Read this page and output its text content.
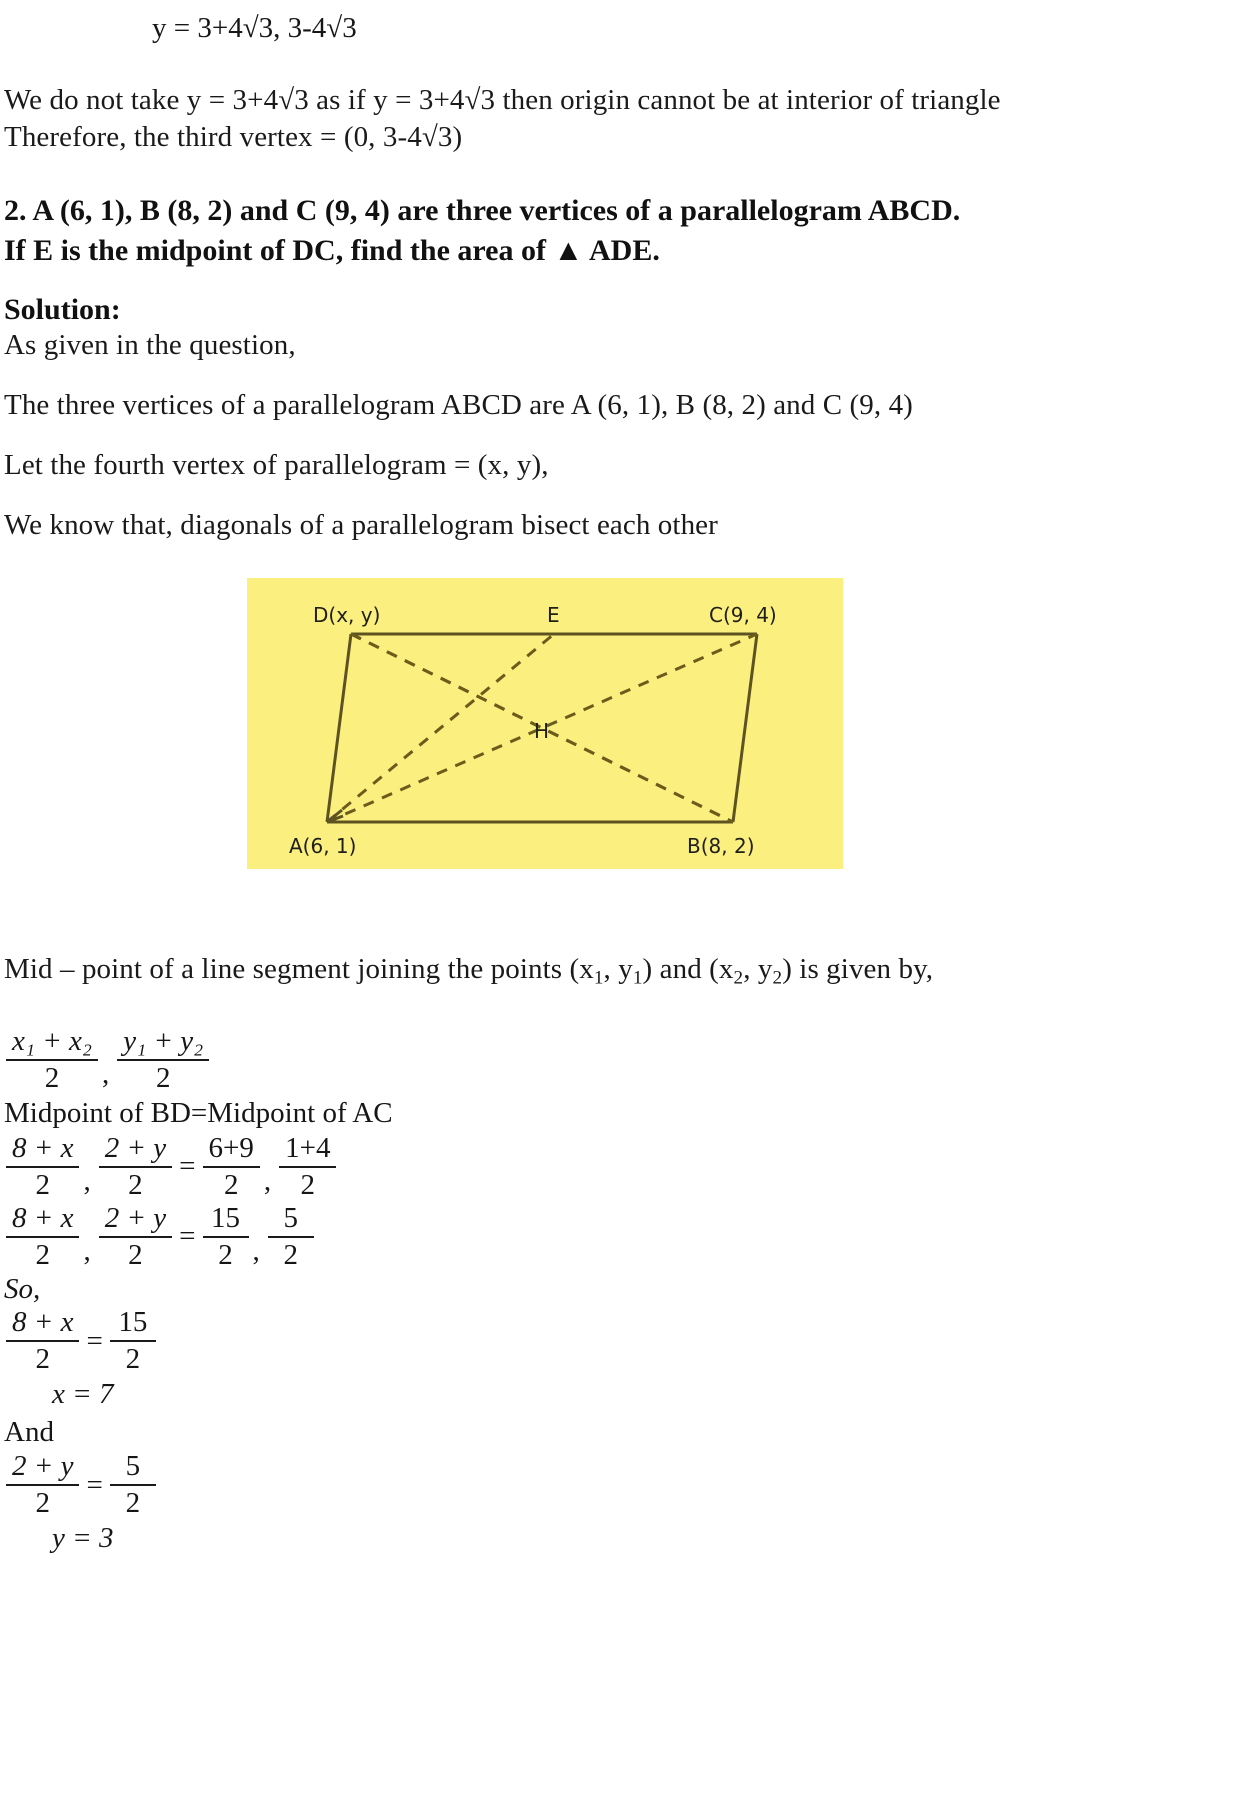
y = 3+4√3, 3-4√3
We do not take y = 3+4√3 as if y = 3+4√3 then origin cannot be at interior of triangle
Therefore, the third vertex = (0, 3-4√3)
2. A (6, 1), B (8, 2) and C (9, 4) are three vertices of a parallelogram ABCD.
If E is the midpoint of DC, find the area of ▲ ADE.
Solution:
As given in the question,
The three vertices of a parallelogram ABCD are A (6, 1), B (8, 2) and C (9, 4)
Let the fourth vertex of parallelogram = (x, y),
We know that, diagonals of a parallelogram bisect each other
D(x, y)	E	C(9, 4)
H
A(6, 1)	B(8, 2)
Mid – point of a line segment joining the points ($x_1$, $y_1$) and ($x_2$, $y_2$) is given by,
$\frac{\text{x₁ + x₂}}{2}$ , $\frac{\text{y₁ + y₂}}{2}$
Midpoint of BD=Midpoint of AC
$\frac{8 + x}{2}$ , $\frac{2 + y}{2} = \frac{6+9}{2}$ , $\frac{1+4}{2}$
$\frac{8 + x}{2}$ , $\frac{2 + y}{2} = \frac{15}{2}$ , $\frac{5}{2}$
So,
$\frac{8 + x}{2} = \frac{15}{2}$
x = 7
And
$\frac{2 + y}{2} = \frac{5}{2}$
y = 3
